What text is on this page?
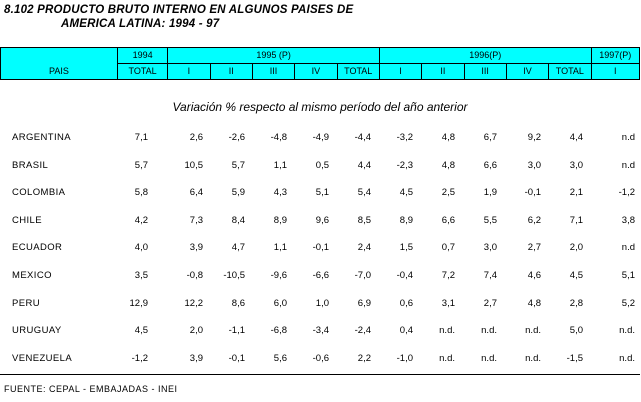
8.102 PRODUCTO BRUTO INTERNO EN ALGUNOS PAISES DE
AMERICA LATINA: 1994 - 97
	1994	1995 (P)					1996(P)					1997(P)
PAIS	TOTAL	I	II	III	IV	TOTAL	I	II	III	IV	TOTAL	I
Variación % respecto al mismo período del año anterior
ARGENTINA	7,1	2,6	-2,6	-4,8	-4,9	-4,4	-3,2	4,8	6,7	9,2	4,4	n.d
BRASIL	5,7	10,5	5,7	1,1	0,5	4,4	-2,3	4,8	6,6	3,0	3,0	n.d
COLOMBIA	5,8	6,4	5,9	4,3	5,1	5,4	4,5	2,5	1,9	-0,1	2,1	-1,2
CHILE	4,2	7,3	8,4	8,9	9,6	8,5	8,9	6,6	5,5	6,2	7,1	3,8
ECUADOR	4,0	3,9	4,7	1,1	-0,1	2,4	1,5	0,7	3,0	2,7	2,0	n.d
MEXICO	3,5	-0,8 -10,5	-9,6	-6,6	-7,0	-0,4	7,2	7,4	4,6	4,5	5,1
PERU	12,9	12,2	8,6	6,0	1,0	6,9	0,6	3,1	2,7	4,8	2,8	5,2
URUGUAY	4,5	2,0	-1,1	-6,8	-3,4	-2,4	0,4	n.d.	n.d.	n.d.	5,0	n.d.
VENEZUELA	-1,2	3,9	-0,1	5,6	-0,6	2,2	-1,0	n.d.	n.d.	n.d.	-1,5	n.d.
FUENTE: CEPAL - EMBAJADAS - INEI
